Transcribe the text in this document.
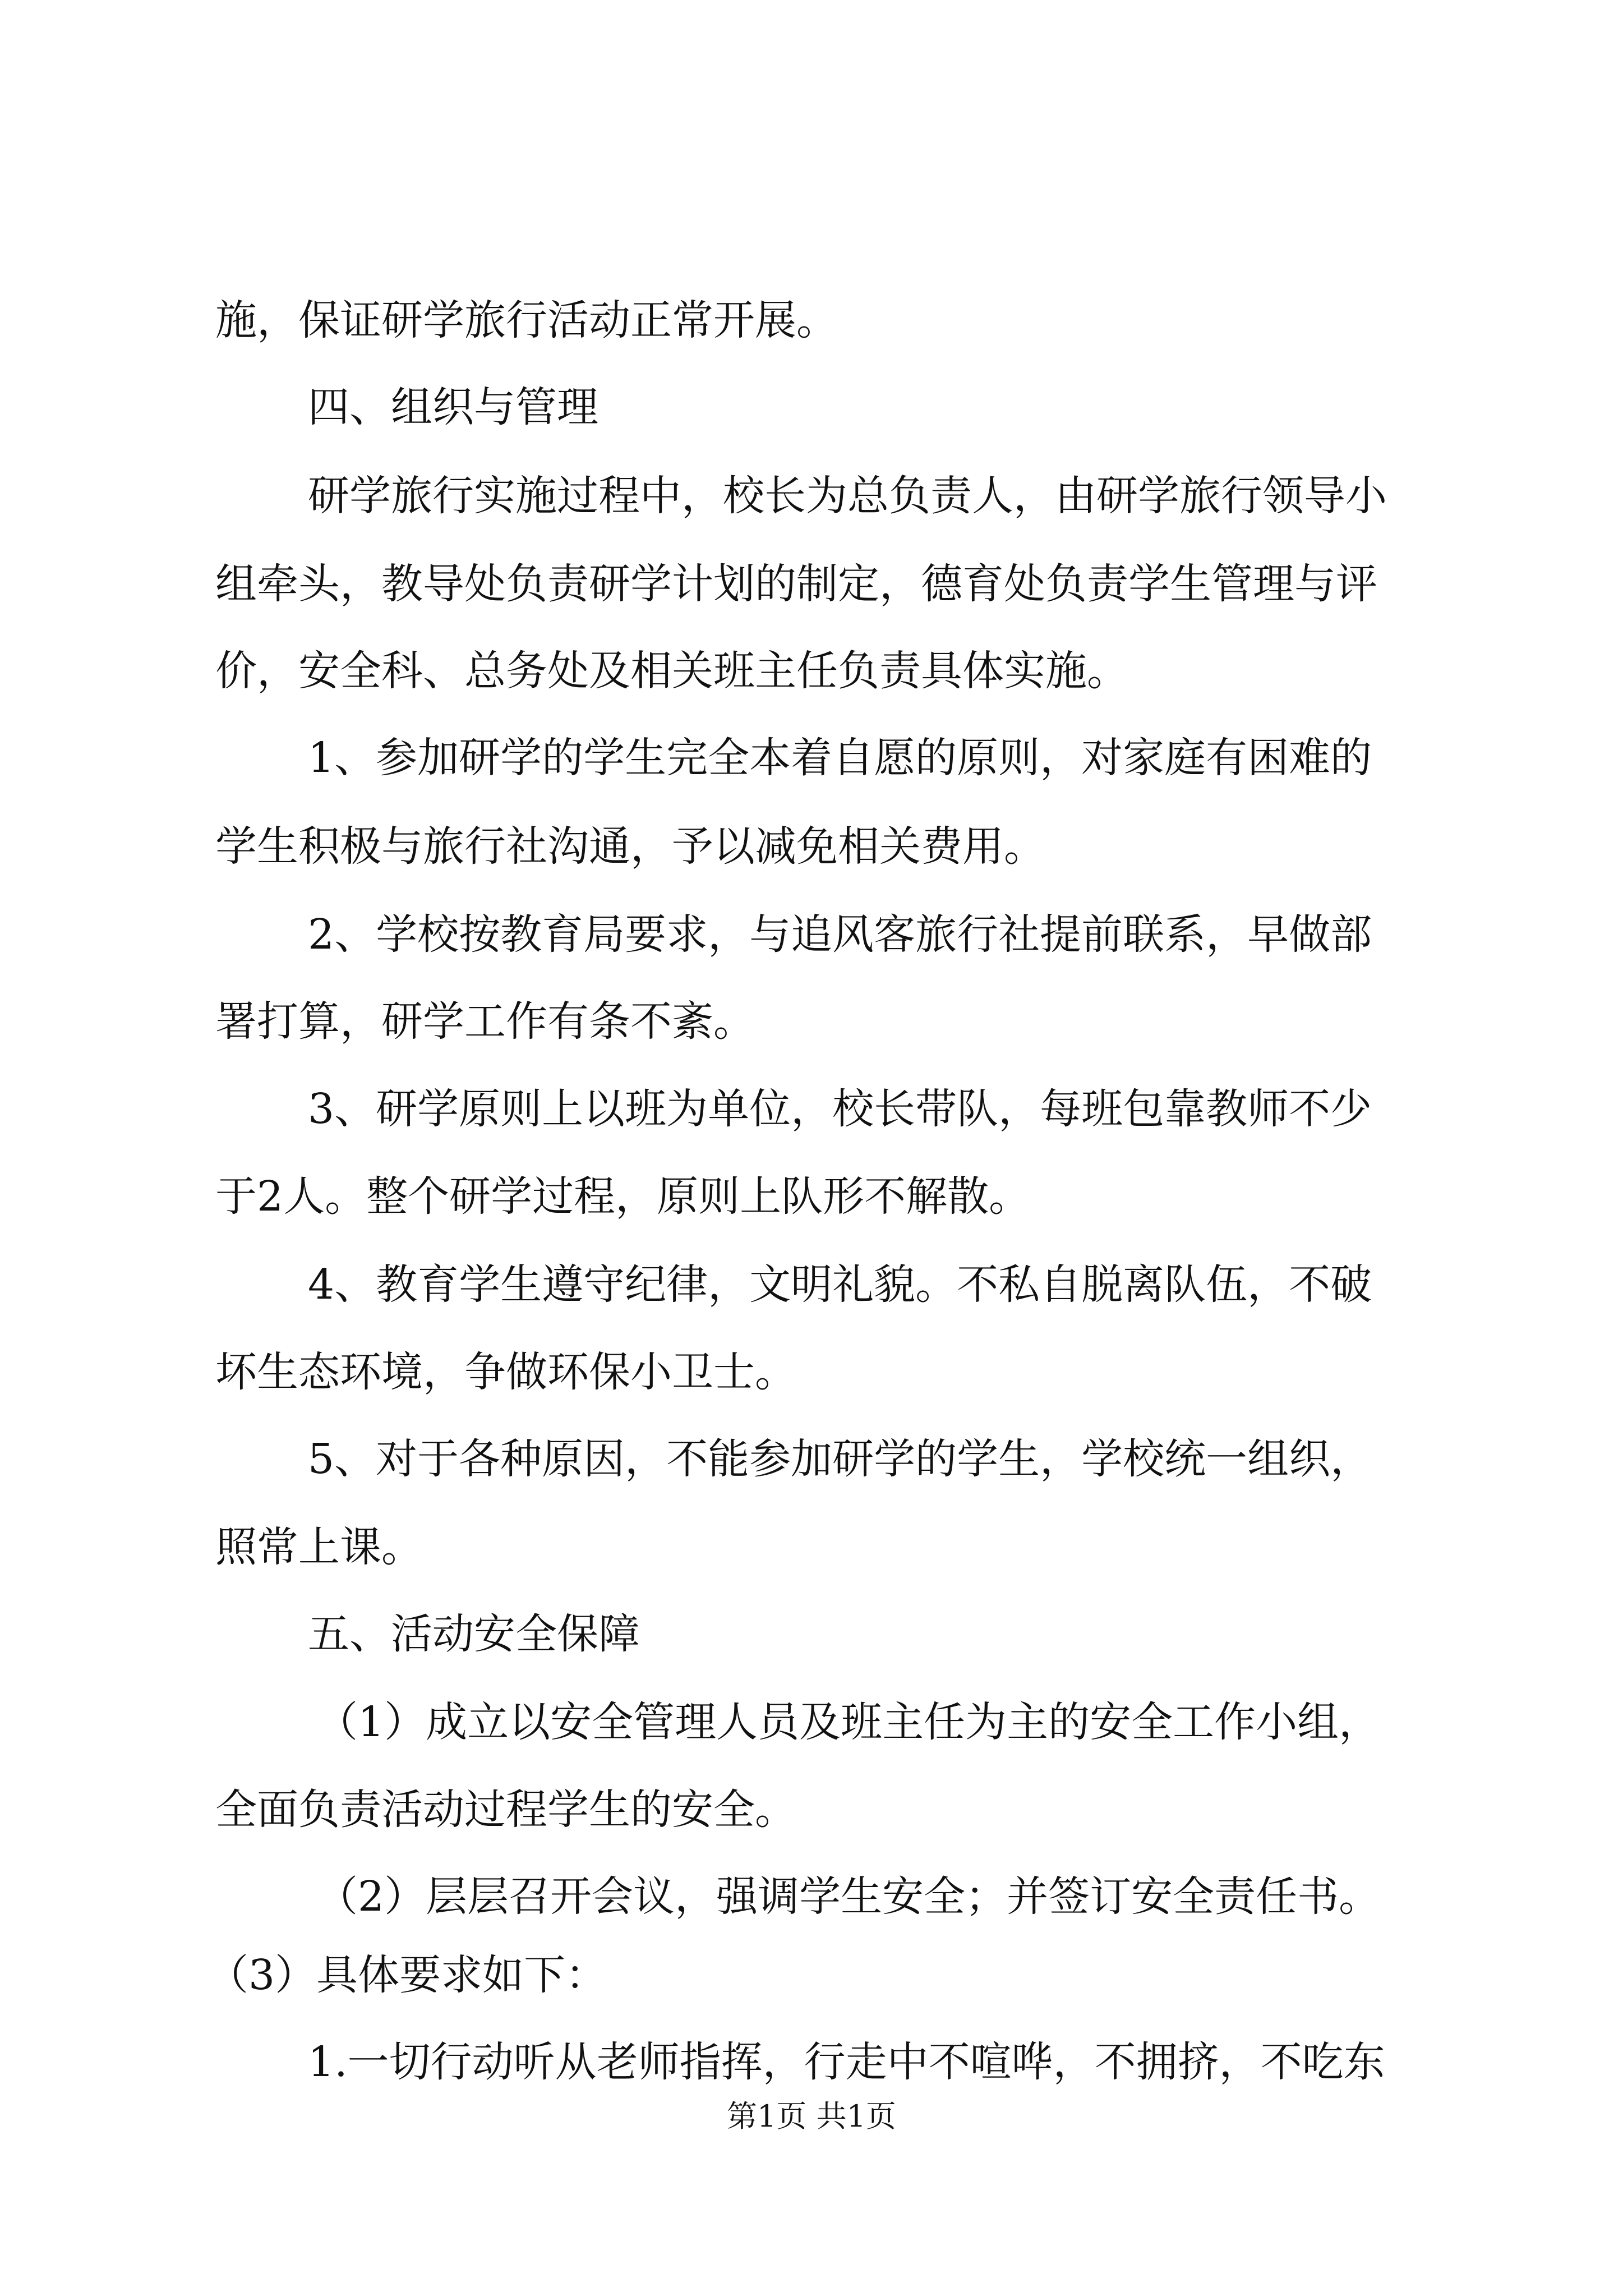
第1页 共1页
施，保证研学旅行活动正常开展。
四、组织与管理
研学旅行实施过程中，校长为总负责人，由研学旅行领导小
组牵头，教导处负责研学计划的制定，德育处负责学生管理与评
价，安全科、总务处及相关班主任负责具体实施。
1、参加研学的学生完全本着自愿的原则，对家庭有困难的
学生积极与旅行社沟通，予以减免相关费用。
2、学校按教育局要求，与追风客旅行社提前联系，早做部
署打算，研学工作有条不紊。
3、研学原则上以班为单位，校长带队，每班包靠教师不少
于2人。整个研学过程，原则上队形不解散。
4、教育学生遵守纪律，文明礼貌。不私自脱离队伍，不破
坏生态环境，争做环保小卫士。
5、对于各种原因，不能参加研学的学生，学校统一组织，
照常上课。
五、活动安全保障
（1）成立以安全管理人员及班主任为主的安全工作小组，
全面负责活动过程学生的安全。
（2）层层召开会议，强调学生安全；并签订安全责任书。
（3）具体要求如下：
1.一切行动听从老师指挥，行走中不喧哗，不拥挤，不吃东
